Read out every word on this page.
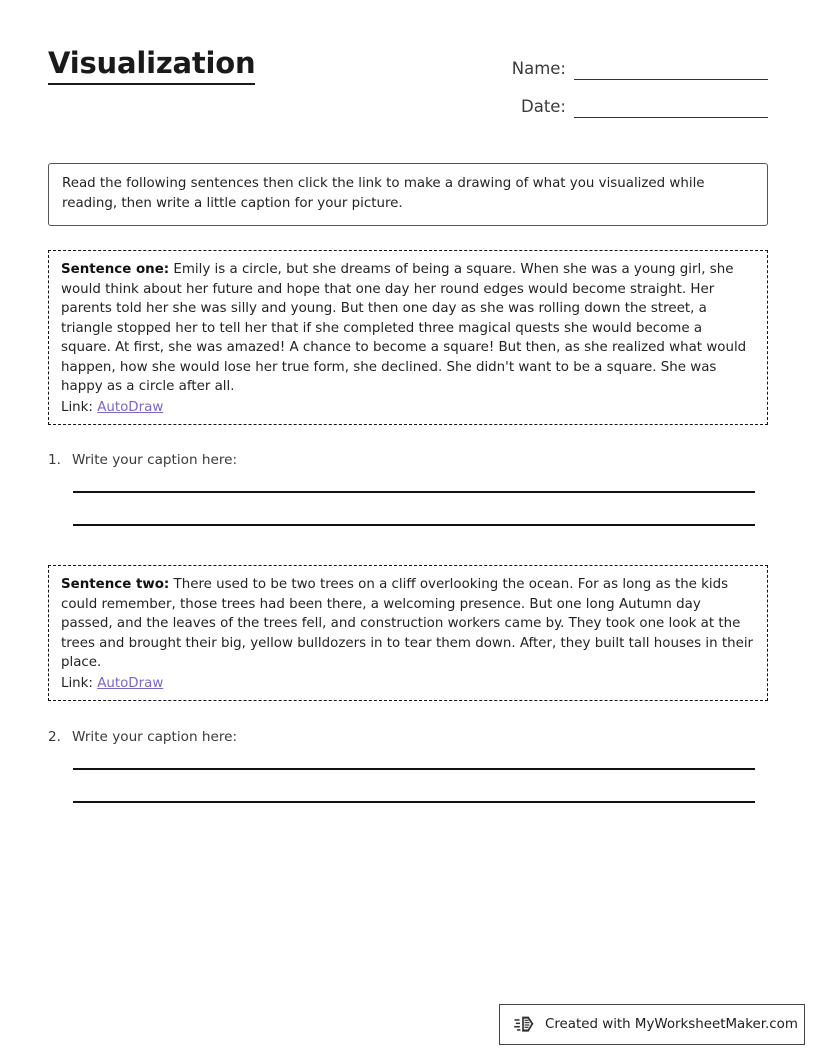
Visualization	Name:
Date:
Read the following sentences then click the link to make a drawing of what you visualized while reading, then write a little caption for your picture.
Sentence one: Emily is a circle, but she dreams of being a square. When she was a young girl, she would think about her future and hope that one day her round edges would become straight. Her parents told her she was silly and young. But then one day as she was rolling down the street, a triangle stopped her to tell her that if she completed three magical quests she would become a square. At first, she was amazed! A chance to become a square! But then, as she realized what would happen, how she would lose her true form, she declined. She didn't want to be a square. She was happy as a circle after all.
Link: AutoDraw
1. Write your caption here:
Sentence two: There used to be two trees on a cliff overlooking the ocean. For as long as the kids could remember, those trees had been there, a welcoming presence. But one long Autumn day passed, and the leaves of the trees fell, and construction workers came by. They took one look at the trees and brought their big, yellow bulldozers in to tear them down. After, they built tall houses in their place.
Link: AutoDraw
2. Write your caption here:
Created with MyWorksheetMaker.com
